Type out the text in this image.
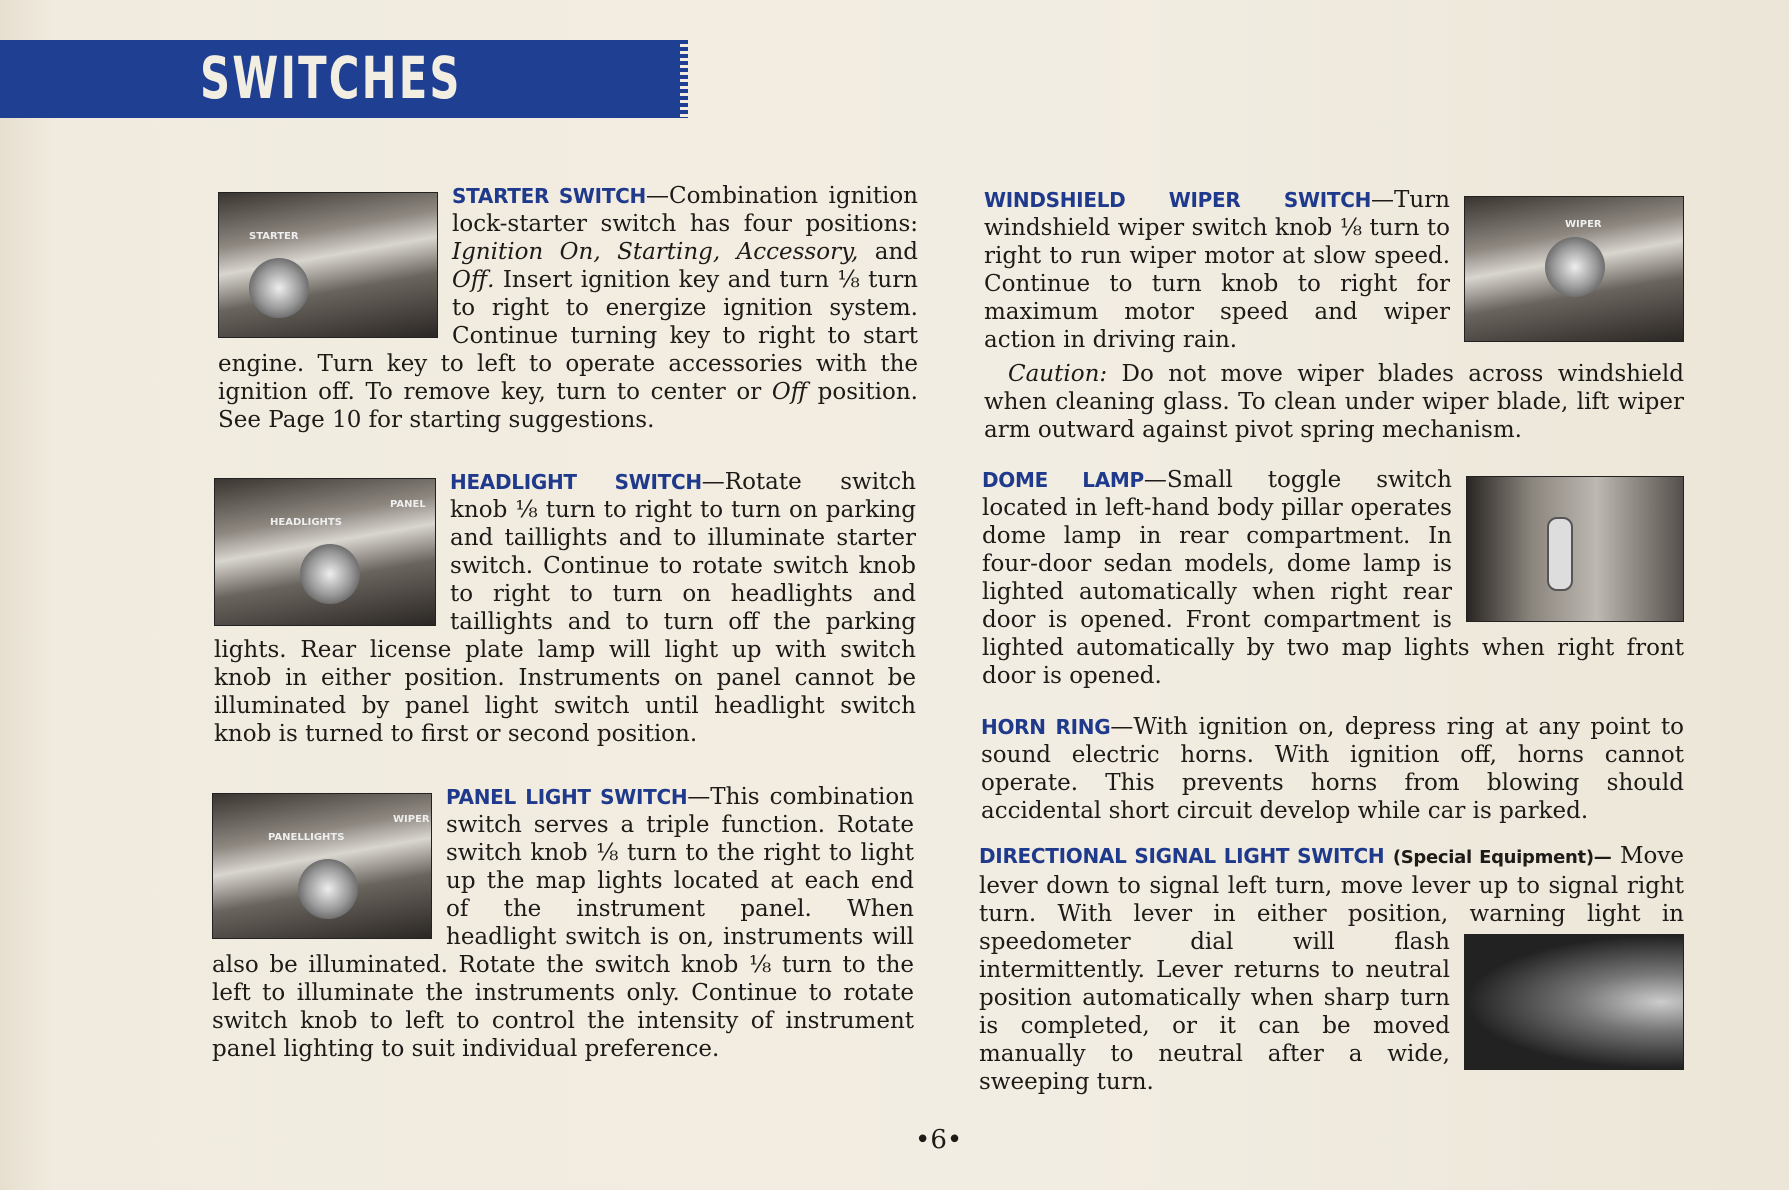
SWITCHES
STARTER
STARTER SWITCH—Combination ignition lock-starter switch has four positions: Ignition On, Starting, Accessory, and Off. Insert ignition key and turn ⅛ turn to right to energize ignition system. Continue turning key to right to start engine. Turn key to left to operate accessories with the ignition off. To remove key, turn to center or Off position. See Page 10 for starting suggestions.
HEADLIGHTS
PANEL
HEADLIGHT SWITCH—Rotate switch knob ⅛ turn to right to turn on parking and taillights and to illuminate starter switch. Continue to rotate switch knob to right to turn on headlights and taillights and to turn off the parking lights. Rear license plate lamp will light up with switch knob in either position. Instruments on panel cannot be illuminated by panel light switch until headlight switch knob is turned to first or second position.
PANELLIGHTS
WIPER
PANEL LIGHT SWITCH—This combination switch serves a triple function. Rotate switch knob ⅛ turn to the right to light up the map lights located at each end of the instrument panel. When headlight switch is on, instruments will also be illuminated. Rotate the switch knob ⅛ turn to the left to illuminate the instruments only. Continue to rotate switch knob to left to control the intensity of instrument panel lighting to suit individual preference.
WIPER
WINDSHIELD WIPER SWITCH—Turn windshield wiper switch knob ⅛ turn to right to run wiper motor at slow speed. Continue to turn knob to right for maximum motor speed and wiper action in driving rain.
Caution: Do not move wiper blades across windshield when cleaning glass. To clean under wiper blade, lift wiper arm outward against pivot spring mechanism.
DOME LAMP—Small toggle switch located in left-hand body pillar operates dome lamp in rear compartment. In four-door sedan models, dome lamp is lighted automatically when right rear door is opened. Front compartment is lighted automatically by two map lights when right front door is opened.
HORN RING—With ignition on, depress ring at any point to sound electric horns. With ignition off, horns cannot operate. This prevents horns from blowing should accidental short circuit develop while car is parked.
DIRECTIONAL SIGNAL LIGHT SWITCH (Special Equipment)— Move lever down to signal left turn, move lever up to signal right turn. With lever in either position, warning light in
speedometer dial will flash intermittently. Lever returns to neutral position automatically when sharp turn is completed, or it can be moved manually to neutral after a wide, sweeping turn.
•6•
